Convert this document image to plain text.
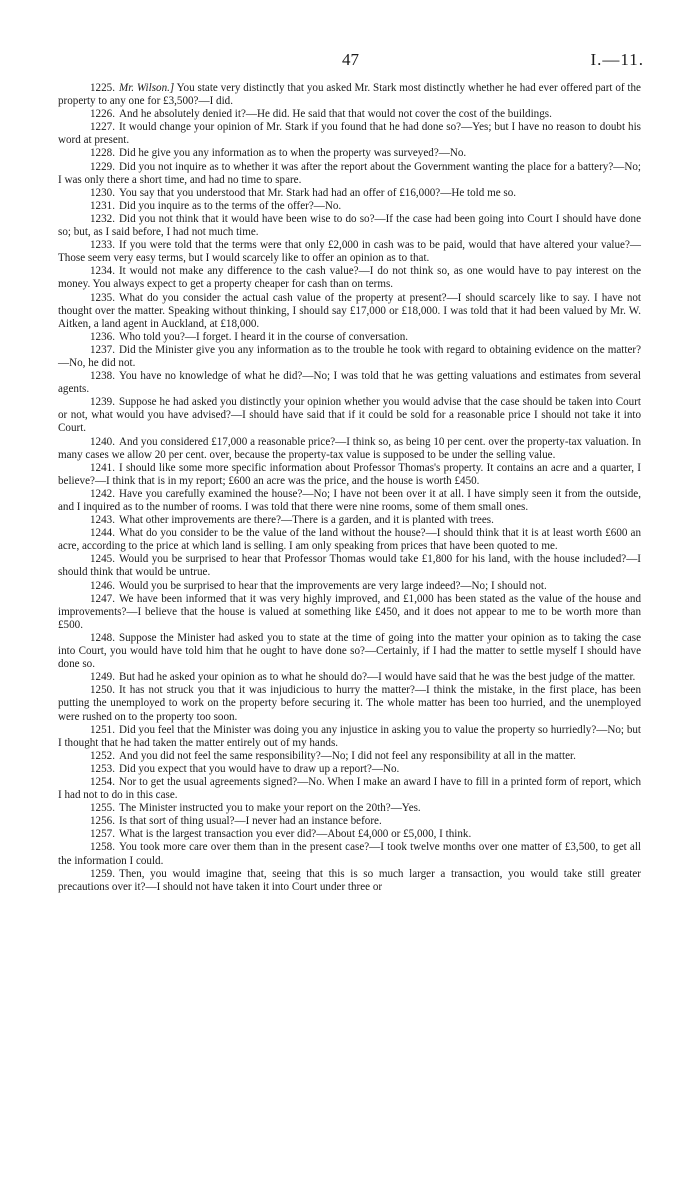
47	I.—11.

1225. Mr. Wilson.] You state very distinctly that you asked Mr. Stark most distinctly whether he had ever offered part of the property to any one for £3,500?—I did.

1226. And he absolutely denied it?—He did. He said that that would not cover the cost of the buildings.

1227. It would change your opinion of Mr. Stark if you found that he had done so?—Yes; but I have no reason to doubt his word at present.

1228. Did he give you any information as to when the property was surveyed?—No.

1229. Did you not inquire as to whether it was after the report about the Government wanting the place for a battery?—No; I was only there a short time, and had no time to spare.

1230. You say that you understood that Mr. Stark had had an offer of £16,000?—He told me so.

1231. Did you inquire as to the terms of the offer?—No.

1232. Did you not think that it would have been wise to do so?—If the case had been going into Court I should have done so; but, as I said before, I had not much time.

1233. If you were told that the terms were that only £2,000 in cash was to be paid, would that have altered your value?—Those seem very easy terms, but I would scarcely like to offer an opinion as to that.

1234. It would not make any difference to the cash value?—I do not think so, as one would have to pay interest on the money. You always expect to get a property cheaper for cash than on terms.

1235. What do you consider the actual cash value of the property at present?—I should scarcely like to say. I have not thought over the matter. Speaking without thinking, I should say £17,000 or £18,000. I was told that it had been valued by Mr. W. Aitken, a land agent in Auckland, at £18,000.

1236. Who told you?—I forget. I heard it in the course of conversation.

1237. Did the Minister give you any information as to the trouble he took with regard to obtaining evidence on the matter?—No, he did not.

1238. You have no knowledge of what he did?—No; I was told that he was getting valuations and estimates from several agents.

1239. Suppose he had asked you distinctly your opinion whether you would advise that the case should be taken into Court or not, what would you have advised?—I should have said that if it could be sold for a reasonable price I should not take it into Court.

1240. And you considered £17,000 a reasonable price?—I think so, as being 10 per cent. over the property-tax valuation. In many cases we allow 20 per cent. over, because the property-tax value is supposed to be under the selling value.

1241. I should like some more specific information about Professor Thomas's property. It contains an acre and a quarter, I believe?—I think that is in my report; £600 an acre was the price, and the house is worth £450.

1242. Have you carefully examined the house?—No; I have not been over it at all. I have simply seen it from the outside, and I inquired as to the number of rooms. I was told that there were nine rooms, some of them small ones.

1243. What other improvements are there?—There is a garden, and it is planted with trees.

1244. What do you consider to be the value of the land without the house?—I should think that it is at least worth £600 an acre, according to the price at which land is selling. I am only speaking from prices that have been quoted to me.

1245. Would you be surprised to hear that Professor Thomas would take £1,800 for his land, with the house included?—I should think that would be untrue.

1246. Would you be surprised to hear that the improvements are very large indeed?—No; I should not.

1247. We have been informed that it was very highly improved, and £1,000 has been stated as the value of the house and improvements?—I believe that the house is valued at something like £450, and it does not appear to me to be worth more than £500.

1248. Suppose the Minister had asked you to state at the time of going into the matter your opinion as to taking the case into Court, you would have told him that he ought to have done so?—Certainly, if I had the matter to settle myself I should have done so.

1249. But had he asked your opinion as to what he should do?—I would have said that he was the best judge of the matter.

1250. It has not struck you that it was injudicious to hurry the matter?—I think the mistake, in the first place, has been putting the unemployed to work on the property before securing it. The whole matter has been too hurried, and the unemployed were rushed on to the property too soon.

1251. Did you feel that the Minister was doing you any injustice in asking you to value the property so hurriedly?—No; but I thought that he had taken the matter entirely out of my hands.

1252. And you did not feel the same responsibility?—No; I did not feel any responsibility at all in the matter.

1253. Did you expect that you would have to draw up a report?—No.

1254. Nor to get the usual agreements signed?—No. When I make an award I have to fill in a printed form of report, which I had not to do in this case.

1255. The Minister instructed you to make your report on the 20th?—Yes.

1256. Is that sort of thing usual?—I never had an instance before.

1257. What is the largest transaction you ever did?—About £4,000 or £5,000, I think.

1258. You took more care over them than in the present case?—I took twelve months over one matter of £3,500, to get all the information I could.

1259. Then, you would imagine that, seeing that this is so much larger a transaction, you would take still greater precautions over it?—I should not have taken it into Court under three or
